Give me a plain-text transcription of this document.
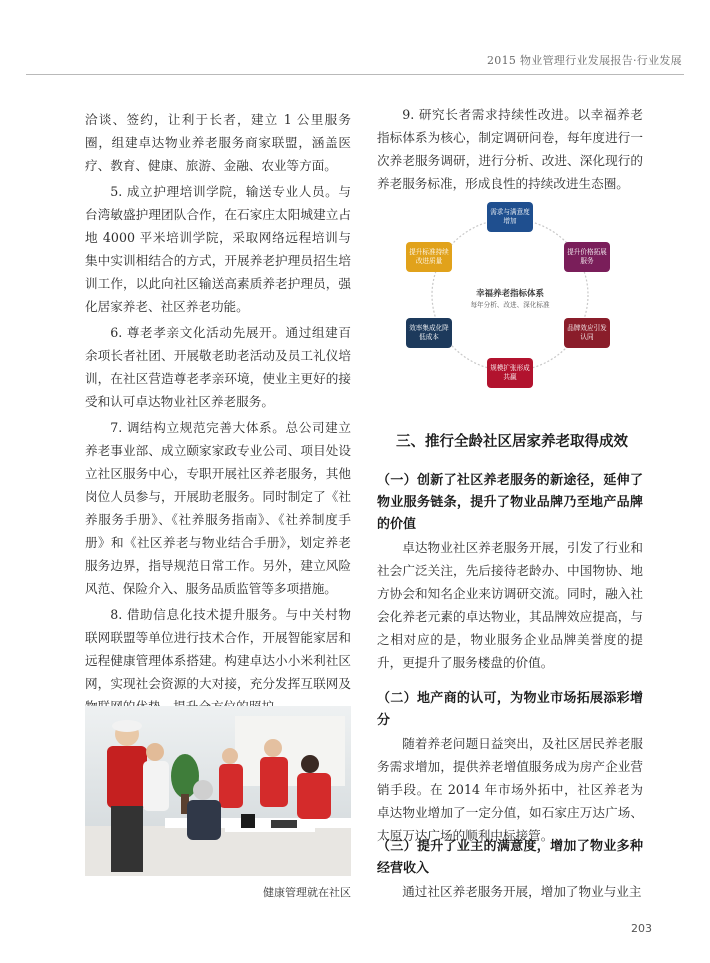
2015 物业管理行业发展报告·行业发展

洽谈、签约，让利于长者，建立 1 公里服务圈，组建卓达物业养老服务商家联盟，涵盖医疗、教育、健康、旅游、金融、农业等方面。

5. 成立护理培训学院，输送专业人员。与台湾敏盛护理团队合作，在石家庄太阳城建立占地 4000 平米培训学院，采取网络远程培训与集中实训相结合的方式，开展养老护理员招生培训工作，以此向社区输送高素质养老护理员，强化居家养老、社区养老功能。

6. 尊老孝亲文化活动先展开。通过组建百余项长者社团、开展敬老助老活动及员工礼仪培训，在社区营造尊老孝亲环境，使业主更好的接受和认可卓达物业社区养老服务。

7. 调结构立规范完善大体系。总公司建立养老事业部、成立颐家家政专业公司、项目处设立社区服务中心，专职开展社区养老服务，其他岗位人员参与，开展助老服务。同时制定了《社养服务手册》、《社养服务指南》、《社养制度手册》和《社区养老与物业结合手册》，划定养老服务边界，指导规范日常工作。另外，建立风险风范、保险介入、服务品质监管等多项措施。

8. 借助信息化技术提升服务。与中关村物联网联盟等单位进行技术合作，开展智能家居和远程健康管理体系搭建。构建卓达小小米利社区网，实现社会资源的大对接，充分发挥互联网及

健康管理就在社区

9. 研究长者需求持续性改进。以幸福养老指标体系为核心，制定调研问卷，每年度进行一次养老服务调研，进行分析、改进、深化现行的养老服务标准，形成良性的持续改进生态圈。

需求与满意度增加
提升价格拓展服务
品牌效应引发认同
规模扩张形成共赢
效率集成化降低成本
提升标准持续改进质量
幸福养老指标体系
每年分析、改进、深化标准
三、推行全龄社区居家养老取得成效

（一）创新了社区养老服务的新途径，延伸了物业服务链条，提升了物业品牌乃至地产品牌的价值

卓达物业社区养老服务开展，引发了行业和社会广泛关注，先后接待老龄办、中国物协、地方协会和知名企业来访调研交流。同时，融入社会化养老元素的卓达物业，其品牌效应提高，与之相对应的是，物业服务企业品牌美誉度的提升，更提升了服务楼盘的价值。

（二）地产商的认可，为物业市场拓展添彩增分

随着养老问题日益突出，及社区居民养老服务需求增加，提供养老增值服务成为房产企业营销手段。在 2014 年市场外拓中，社区养老为卓达物业增加了一定分值，如石家庄万达广场、太原万达广场的顺利中标接管。

（三）提升了业主的满意度，增加了物业多种经营收入

通过社区养老服务开展，增加了物业与业主

203
